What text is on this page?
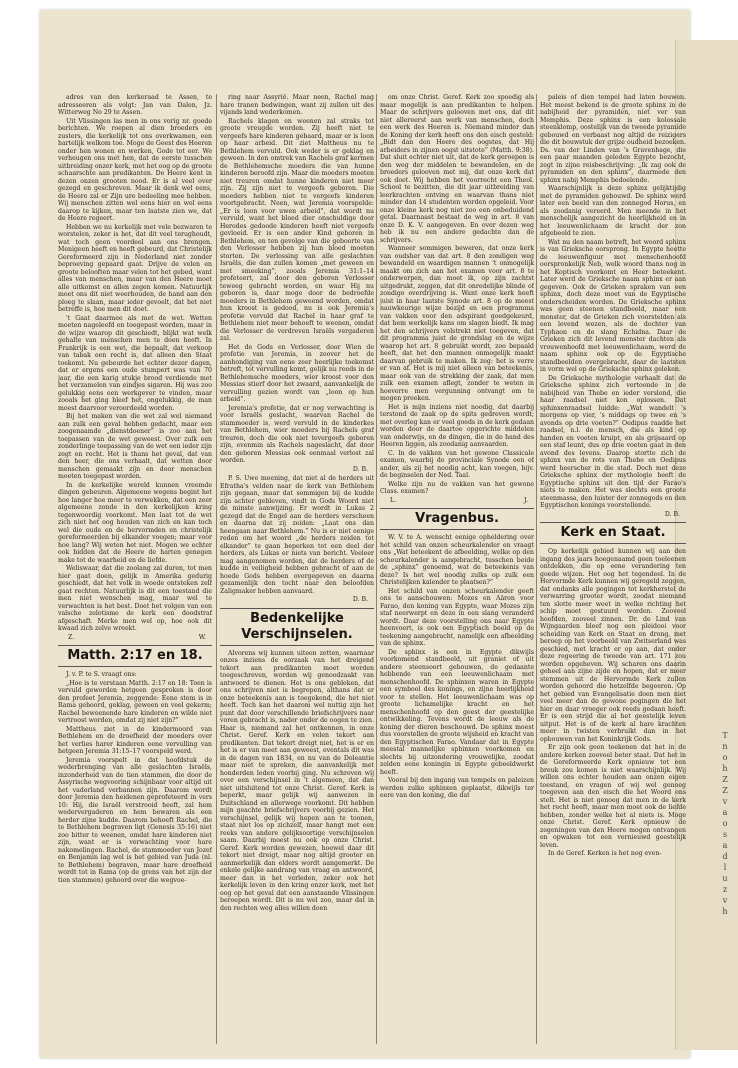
T
n
o
h
Z
Z
v
a
o
s
a
d
l
u
z
v
h

adres van den kerkeraad te Assen, te adresseeren als volgt: Jan van Dalen, Jz. Witterweg No 29 te Assen.

Uit Vlissingen las men in ons vorig nr. goede berichten. We roepen al dien broeders en zusters, die kerkelijk tot ons overkwamen, een hartelijk welkom toe. Moge de Geest des Heeren onder hen wonen en werken, Gode tot eer. We verheugen ons met hen, dat de eerste tusschen uitbreiding onzer kerk, met het oog op de groote schaarschte aan predikanten. De Heere kent in dezen onzen grooten nood. Er is al veel over gezegd en geschreven. Maar ik denk wel eens, de Heere zal er Zijn ure bedeeling mee hebben. Wij menschen zitten wel eens hier en wel eens daarop te kijken, maar ten laatste zien we, dat de Heere regeert.

Hebben we nu kerkelijk met vele bezwaren te worstelen, zeker is het, dat dit veel terughoudt, wat toch geen voordeel aan ons brengen. Menigeen heeft en heeft gebeurd, dat Christelijk Gereformeerd zijn in Nederland niet zonder beproeving gepaard gaat. Drijve de velen en groote belooften maar velen tot het gebed, want alles van menschen, maar van den Heere moet alle uitkomst en allen zegen komen. Natuurlijk moet ons dit niet weerhouden, de hand aan den ploeg te slaan, maar ieder gevoelt, dat het niet betreffe is, hoe men dit doet.

't Gaat daarmee als met de wet. Wetten moeten nageleefd en toegepast worden, maar in de wijze waarop dit geschiedt, blijkt wat welk gehalte van menschen men te doen heeft. In Frankrijk is een wet, die bepaalt, dat verkoop van tabak een recht is, dat alleen den Staat toekomt. Nu gebeurde het echter dezer dagen, dat er ergens een oude stumpert was van 70 jaar, die een karig stukje brood verdiende met het verzamelen van eindjes sigaren. Hij was zoo gelukkig eens een werkgever te vinden, maar zooals het ging bleef het, ongelukkig, de man moest daarvoor veroordeeld worden.

Bij het maken van die wet zal wel niemand aan zulk een geval hebben gedacht, maar een zoogenaamde „dienstdoener” is zoo aan het toepassen van de wet geweest. Over zulk een zonderlinge toepassing van de wet een ieder zijn zegt en recht. Het is thans het geval, dat van den heer, die ons verhaalt, dat wetten door menschen gemaakt zijn en door menschen moeten toegepast worden.

In de kerkelijke wereld kunnen vreemde dingen gebeuren. Algemeene wegens begint het hoe langer hoe meer te verwekken, dat een zeer algemeene zonde in den kerkelijken kring tegenwoordig voorkomt. Men laat tot de wet zich niet het oog houden van zich en kan toch wel die oude en de hervormden en christelijk gereformeerden bij elkander voegen; maar voor hoe lang? Wij weten het niet. Mogen we echter ook bidden dat de Heere de harten genegen make tot de waarheid en de liefde.

Weliswaar, dat die zoolang zal duren, tot men hier gaat doen, gelijk in Amerika gedurig geschiedt, dat het volk in woede ontsteken zelf gaat rechten. Natuurlijk is dit een toestand die men niet wenschen mag, maar wel te verwachten is het best. Doet het volgen van een valsche zelotisme de kerk een doodstraf afgeschaft. Merke men wel op, hoe ook dit kwaad zich zelve wreekt.

Z.	W.
Matth. 2:17 en 18.

J. v. P. te S. vraagt ons:

„Hoe is te verstaan Matth. 2:17 en 18: Toen is vervuld geworden hetgeen gesproken is door den profeet Jeremia, zeggende: Eene stem is in Rama gehoord, geklag, geween en veel gekerm; Rachel beweenende hare kinderen en wilde niet vertroost worden, omdat zij niet zijn?”

Mattheus ziet in de kindermoord van Bethlehem en de droefheid der moeders over het verlies harer kinderen eene vervulling van hetgeen Jeremia 31:15–17 voorspeld werd.

Jeremia voorspelt in dat hoofdstuk de wederbrenging van alle geslachten Israëls, inzonderheid van de tien stammen, die door de Assyrische wegvoering schijnbaar voor altijd uit het vaderland verbannen zijn. Daarom wordt door Jeremia den heidenen geprofeteerd in vers 10: Hij, die Israël verstrooid heeft, zal hem wedervergaderen en hem bewaren als een herder zijne kudde. Daarom behoeft Rachel, die te Bethlehem begraven ligt (Genesis 35:16) niet zoo bitter te weenen, omdat hare kinderen niet zijn, want er is verwachting voor hare nakomelingen. Rachel, de stammoeder van Jozef en Benjamin lag wel is het gebied van Juda (nl. te Bethlehem) begraven, maar hare droefheid wordt tot in Rama (op de grens van het zijn der tien stammen) gehoord over die wegvoe-

ring naar Assyrië. Maar neen, Rachel mag hare tranen bedwingen, want zij zullen uit des vijands land wederkomen.

Rachels klagen en weenen zal straks tot groote vreugde worden. Zij heeft niet te vergeefs hare kinderen gebaard, maar er is loon op haar arbeid. Dit ziet Mattheus nu te Bethlehem vervuld. Ook weder is er geklag en geween. In den omtrek van Rachels graf kermen de Bethlehemsche moeders die van hunne kinderen beroofd zijn. Maar die moeders moeten niet treuren omdat hunne kinderen niet meer zijn. Zij zijn niet te vergeefs geboren. Die moeders hebben niet te vergeefs kinderen voortgebracht. Neen, wat Jeremia voorspelde: „Er is loon voor uwen arbeid”, dat wordt nu vervuld, want het bloed dier onschuldige door Herodes gedoode kinderen heeft niet vergeefs gevloeid. Er is een ander Kind geboren in Bethlehem, en ten gevolge van die geboorte van den Verlosser hebben zij hun bloed moeten storten. De verlossing van alle geslachten Israëls, die dan zullen komen „met geween en met smeeking”, zooals Jeremia 31:1–14 profeteert, zal door den geboren Verlosser teweeg gebracht worden, en waar Hij nu geboren is, daar moge door de bedroefde moeders in Bethlehem geweend worden, omdat hun kroost is gedood, nu is ook Jeremia's profetie vervuld dat Rachel in haar graf te Bethlehem niet meer behoeft te weenen, omdat die Verlosser de verdreven Israëls vergaderen zal.

Het de Gods en Verlosser, door Wien de profetie van Jeremia, in zoover het de aanhondiging van eene zeer heerlijke toekomst betreft, tot vervulling komt, gelijk nu reeds in de Bethlehemsche moeders, wier kroost voor den Messias stierf door het zwaard, aanvankelijk de vervulling gezien wordt van „loon op hun arbeid”.

Jeremia's profetie, dat er nog verwachting is voor Israëls geslacht, waarvan Rachel de stammoeder is, werd vervuld in de kinderkes van Bethlehem, wier moeders bij Rachels graf treuren, doch die ook niet tevergeefs geboren zijn, evenmin als Rachels nageslacht, dat door den geboren Messias ook eenmaal verlost zal worden.

D. B.

P. S. Uwe meening, dat niet al de herders uit Efratha's velden naar de kerk van Bethlehem zijn gegaan, maar dat sommigen bij de kudde zijn achter gebleven, vindt in Gods Woord niet de minste aanwijzing. Er wordt in Lukas 2 gezegd dat de Engel aan de herders verscheen en daarna dat zij zeiden: „Laat ons dan heengaan naar Bethlehem.” Nu is er niet eenige reden om het woord „de herders zeiden tot elkander” te gaan beperken tot een deel der herders, als Lukas er niets van bericht. Veeleer mag aangenomen worden, dat de herders of de kudde in veiligheid hebben gebracht of aan de hoede Gods hebben overgegeven en daarna gezamenlijk den tocht naar den beloofden Zaligmaker hebben aanvaard.

D. B.
Bedenkelijke Verschijnselen.

Alvorens wij kunnen uiteen zetten, waarnaar onzes inziens de oorzaak van het dreigend tekort aan predikanten moet worden toegeschreven, worden wij genoodzaakt van antwoord te dienen. Het is ons gebleken, dat ons schrijven niet is begrepen, althans dat er onze beteekenis aan is toegekend, die het niet heeft. Toch kan het daarom wel nuttig zijn het punt dat door verschillende briefschrijvers naar voren gebracht is, nader onder de oogen te zien. Haar is, niemand zal het ontkennen, in onze Christ. Geref. Kerk en velen tekort aan predikanten. Dat tekort dreigt niet, het is er en het is er van meet aan geweest, eventals dit was in de dagen van 1834, en nu van de Doleantie maar niet te spreken, die aanvankelijk met honderden leden voorbij ging. Nu schreven wij over een verschijnsel in 't algemeen, dat dan niet uitsluitend tot onze Christ. Geref. Kerk is beperkt, maar gelijk wij aanwezen in Duitschland en allerwege voorkomt. Dit hebben mijn geachte briefschrijvers voorbij gezien. Het verschijnsel, gelijk wij hopen aan te toonen, staat niet los op zichzelf, maar hangt met een reeks van andere gelijksoortige verschijnselen saam. Daarbij moest nu ook op onze Christ. Geref. Kerk worden gewezen, hoewel daar dit tekort niet dreigt, maar nog altijd grooter en aanmerkelijk dan elders wordt aangemerkt. De enkele gelijke aandrang van vraag en antwoord, meer dan in het verleden, zeker ook het kerkelijk leven in den kring onzer kerk, met het oog op het geval dat een aanstaande Vlissingen beroepen wordt. Dit is nu wel zoo, maar dat in den rechten weg alles willen doen

om onze Christ. Geref. Kerk zoo spoedig als maar mogelijk is aan predikanten te helpen. Maar de schrijvers gelooven met ons, dat dit niet allereerst aan werk van menschen, doch een werk des Heeren is. Niemand minder dan de Koning der kerk heeft ons den eisch gesteld: „Bidt dan den Heere des oogstes, dat Hij arbeiders in zijnen oogst uitstote” (Matth. 9:38). Dat sluit echter niet uit, dat de kerk geroepen is den weg der middelen te bewandelen, en de broeders gelooven met mij, dat onze kerk dat ook doet. Wij hebben het voorrecht een Theol. School te bezitten, die dit jaar uitbreiding van leerkrachten ontving en waarvan thans niet minder dan 14 studenten worden opgeleid. Voor onze kleine kerk nog niet zoo een onbeduidend getal. Daarnaast bestaat de weg in art. 8 van onze D. K. V. aangegeven. En over dezen weg heb ik nu een andere gedachte dan de schrijvers.

Wanneer sommigen beweren, dat onze kerk van oudsher van dat art. 8 den zondigen weg bewandeld en waardigen mannen 't onmogelijk maakt om zich aan het examen voor art. 8 te onderwerpen, dan moet ik, op zijn zachtst uitgedrukt, zeggen, dat dit onredelijke blinde of zondige overdrijving is. Want onze kerk heeft juist in haar laatste Synode art. 8 op de meest nauwkeurige wijze bezijd en een programma van vakken voor den adspirant goedgekeurd, dat hem werkelijk kans om slagen biedt. Ik mag het den schrijvers volstrekt niet toegeven, dat dit programma juist de grondslag en de wijze waarop het art. 8 gebruikt wordt, zoo bepaald heeft, dat het den mannen onmogelijk maakt daarvan gebruik te maken. Ik zeg: het is verre er van af. Het is mij niet alleen van beteekenis, maar ook van de strekking der zaak, dat men zulk een examen aflegt, zonder te weten in hoeverre men vergunning ontvangt om te mogen preeken.

Het is mijn inziens niet noodig, dat daarbij terstond de zaak op de spits gedreven wordt; met overleg kan er veel goeds in de kerk gedaan worden door de daartoe opgerichte middelen van onderwijs, en de dingen, die in de hand des Heeren liggen, als zoodanig aanvaarden.

C. In de vakken van het gewone Classicale examen, waarbij de provinciale Synode een of ander, als zij het noodig acht, kan voegen, bijv. de beginselen der Ned. Taal.

Welke zijn nu de vakken van het gewone Class. examen?

L.	J.
Vragenbus.

W. V. te A. wenscht eenige opheldering over het schild van onzen scheurkalender en vraagt ons „Wat beteekent de afbeelding, welke op den scheurkalender is aangebracht, tusschen beide de „sphinx” genoemd, wat de beteekenis van deze? Is het wel noodig zulks op zulk een Christelijken kalender te plaatsen?”

Het schild van onzen scheurkalender geeft ons te aanschouwen: Mozes en Aäron voor Farao, den koning van Egypte, waar Mozes zijn staf neerwerpt en deze in een slang veranderd wordt. Daar deze voorstelling ons naar Egypte heenvoert, is ook een Egyptisch beeld op de teekening aangebracht, namelijk een afbeelding van de sphinx.

De sphinx is een in Egypte dikwijls voorkomend standbeeld, uit graniet of uit andere steensoort gehouwen, de gedaante hebbende van een leeuwenlichaam met menschenhoofd. De sphinxen waren in Egypte een symbool des konings, en zijne heerlijkheid voor te stellen. Het leeuwenlichaam was op groote lichamelijke kracht en het menschenhoofd op den geest der geestelijke ontwikkeling. Tevens wordt de leeuw als de koning der dieren beschouwd. De sphinx moest dus voorstellen de groote wijsheid en kracht van den Egyptischen Farao. Vandaar dat in Egypte meestal mannelijke sphinxen voorkomen en slechts bij uitzondering vrouwelijke, zoodat zelden eene koningin in Egypte gebeeldwerkt heeft.

Vooral bij den ingang van tempels en paleizen werden zulke sphinxen geplaatst, dikwijls ter eere van den koning, die dat

paleis of dien tempel had laten bouwen. Het meest bekend is de groote sphinx in de nabijheid der pyramiden, niet ver van Memphis. Deze sphinx is een kolossale steenklomp, oostelijk van de tweede pyramide gebouwd en verbaast nog altijd de reizigers die dit bouwstuk der grijze oudheid bezoeken. Ds. van der Linden van 's Gravenhage, die een paar maanden geleden Egypte bezocht, zegt in zijne reisbeschrijving: „Ik zag ook de pyramiden en den sphinx”, daarmede den sphinx nabij Memphis bedoelende.

Waarschijnlijk is deze sphinx gelijktijdig met de pyramiden gebouwd. De sphinx werd later een beeld van den zonnegod Horus, en als zoodanig vereerd. Men meende in het menschelijk aangezicht de heerlijkheid en in het leeuwenlichaam de kracht der zon afgebeeld te zien.

Wat nu den naam betreft, het woord sphinx is van Grieksche oorsprong. In Egypte heette de leeuwenfiguur met menschenhoofd oorspronkelijk Neb, welk woord thans nog in het Koptisch voorkomt en Heer beteekent. Later werd de Grieksche naam sphinx er aan gegeven. Ook de Grieken spraken van een sphinx, doch deze moet van de Egyptische onderscheiden worden. De Grieksche sphinx was geen steenen standbeeld, maar een monster, dat de Grieken zich voorstelden als een levend wezen, als de dochter van Typhaon en de slang Echidna. Daar de Grieken zich dit levend monster dachten als vrouwenhoofd met leeuwenlichaam, werd de naam sphinx ook op de Egyptische standbeelden overgebracht, daar de laatsten in vorm wel op de Grieksche sphinx geleken.

De Grieksche mythologie verhaalt dat de Grieksche sphinx zich vertoonde in de nabijheid van Thebe en ieder verslond, die haar raadsel niet kon oplossen. Dat sphinxenraadsel luidde: „Wat wandelt 's morgens op vier, 's middags op twee en 's avonds op drie voeten?” Oedipus raadde het raadsel, n.l. de mensch, die als kind op handen en voeten kruipt, en als grijsaard op een staf leunt, dus op drie voeten gaat in den avond des levens. Daarop stortte zich de sphinx van de rots van Thebe en Oedipus werd heerscher in die stad. Doch met deze Grieksche sphinx der mythologie heeft de Egyptische sphinx uit den tijd der Farao's niets te maken. Het was slechts een groote steenmassa, den luister der zonnegods en den Egyptischen konings voorstellende.

D. B.
Kerk en Staat.

Op kerkelijk gebied kunnen wij aan den ingang des jaars hoegenaamd geen toeleenen ontdekken, die op eene verandering ten goede wijzen. Het oog het tegendeel. In de Hervormde Kerk kunnen wij geregeld zeggen, dat ondanks alle pogingen tot kerkherstel de verwarring grooter wordt, zoodat niemand ten slotte meer weet in welke richting het schip moet gestuurd worden. Zooveel hoofden, zooveel zinnen. Dr. de Lind van Wijngaarden bleef nog een pleidooi voor scheiding van Kerk en Staat en drong, met beroep op het voorbeeld van Zwitserland was geschied, met kracht er op aan, dat onder deze regeering de tweede van art. 171 zou worden opgeheven. Wij scharen ons daarin geheel aan zijne zijde en hopen, dat er meer stemmen uit de Hervormde Kerk zullen worden gehoord die hetzelfde begeeren. Op het gebied van Evangelisatie doen men niet veel meer dan de gewone pogingen die het hier en daar vroeger ook reeds gedaan heeft. Er is een strijd die al het geestelijk leven uitput. Het is of de kerk al hare krachten meer in twisten verbruikt dan in het opbouwen van het Koninkrijk Gods.

Er zijn ook geen teekenen dat het in de andere kerken zooveel beter staat. Dat het in de Gereformeerde Kerk opnieuw tot een breuk zou komen is niet waarschijnlijk. Wij willen ons echter houden aan onzen eigen toestand, en vragen of wij wel genoeg toegeven aan den eisch die het Woord ons stelt. Het is niet genoeg dat men in de kerk het recht heeft, maar men moet ook de liefde hebben, zonder welke het al niets is. Moge onze Christ. Geref. Kerk opnieuw de zegeningen van den Heere mogen ontvangen en opwaken tot een vernieuwd geestelijk leven.

In de Geref. Kerken is het nog even-
